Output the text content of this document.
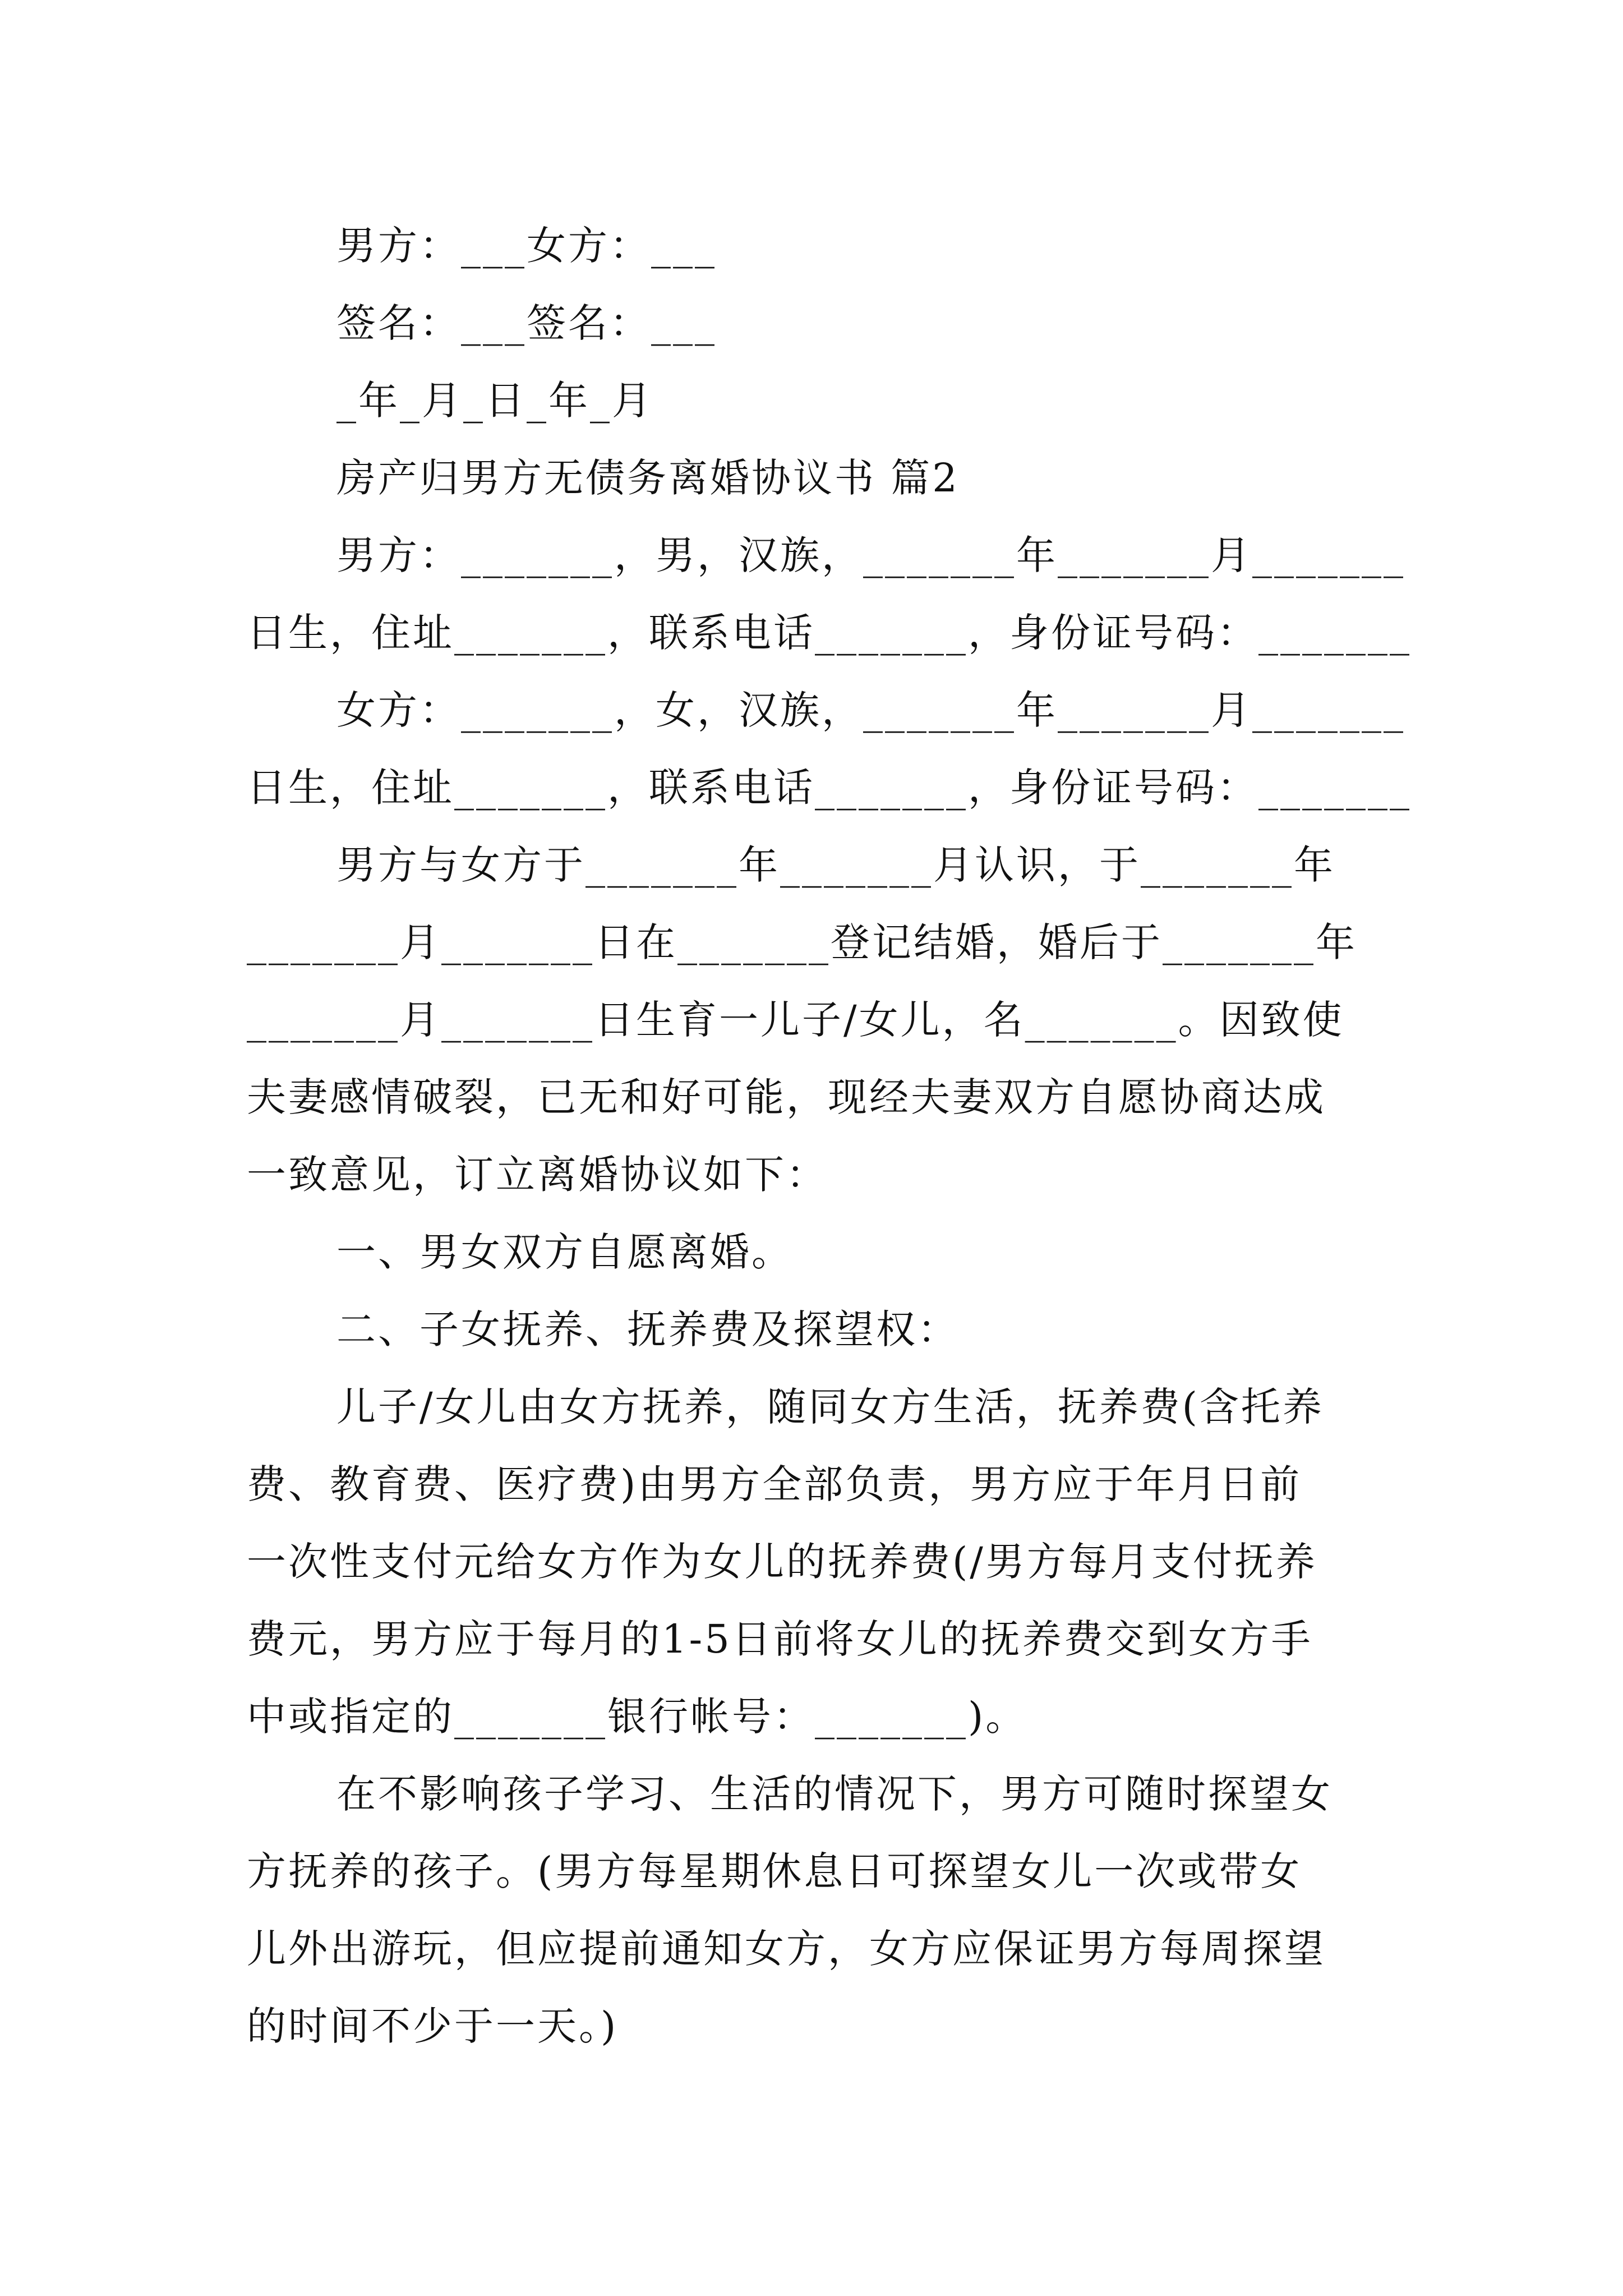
男方：___女方：___
签名：___签名：___
_年_月_日_年_月
房产归男方无债务离婚协议书 篇2
男方：_______，男，汉族，_______年_______月_______
日生，住址_______，联系电话_______，身份证号码：_______
女方：_______，女，汉族，_______年_______月_______
日生，住址_______，联系电话_______，身份证号码：_______
男方与女方于_______年_______月认识，于_______年
_______月_______日在_______登记结婚，婚后于_______年
_______月_______日生育一儿子/女儿，名_______。因致使
夫妻感情破裂，已无和好可能，现经夫妻双方自愿协商达成
一致意见，订立离婚协议如下：
一、男女双方自愿离婚。
二、子女抚养、抚养费及探望权：
儿子/女儿由女方抚养，随同女方生活，抚养费(含托养
费、教育费、医疗费)由男方全部负责，男方应于年月日前
一次性支付元给女方作为女儿的抚养费(/男方每月支付抚养
费元，男方应于每月的1-5日前将女儿的抚养费交到女方手
中或指定的_______银行帐号：_______)。
在不影响孩子学习、生活的情况下，男方可随时探望女
方抚养的孩子。(男方每星期休息日可探望女儿一次或带女
儿外出游玩，但应提前通知女方，女方应保证男方每周探望
的时间不少于一天。)
